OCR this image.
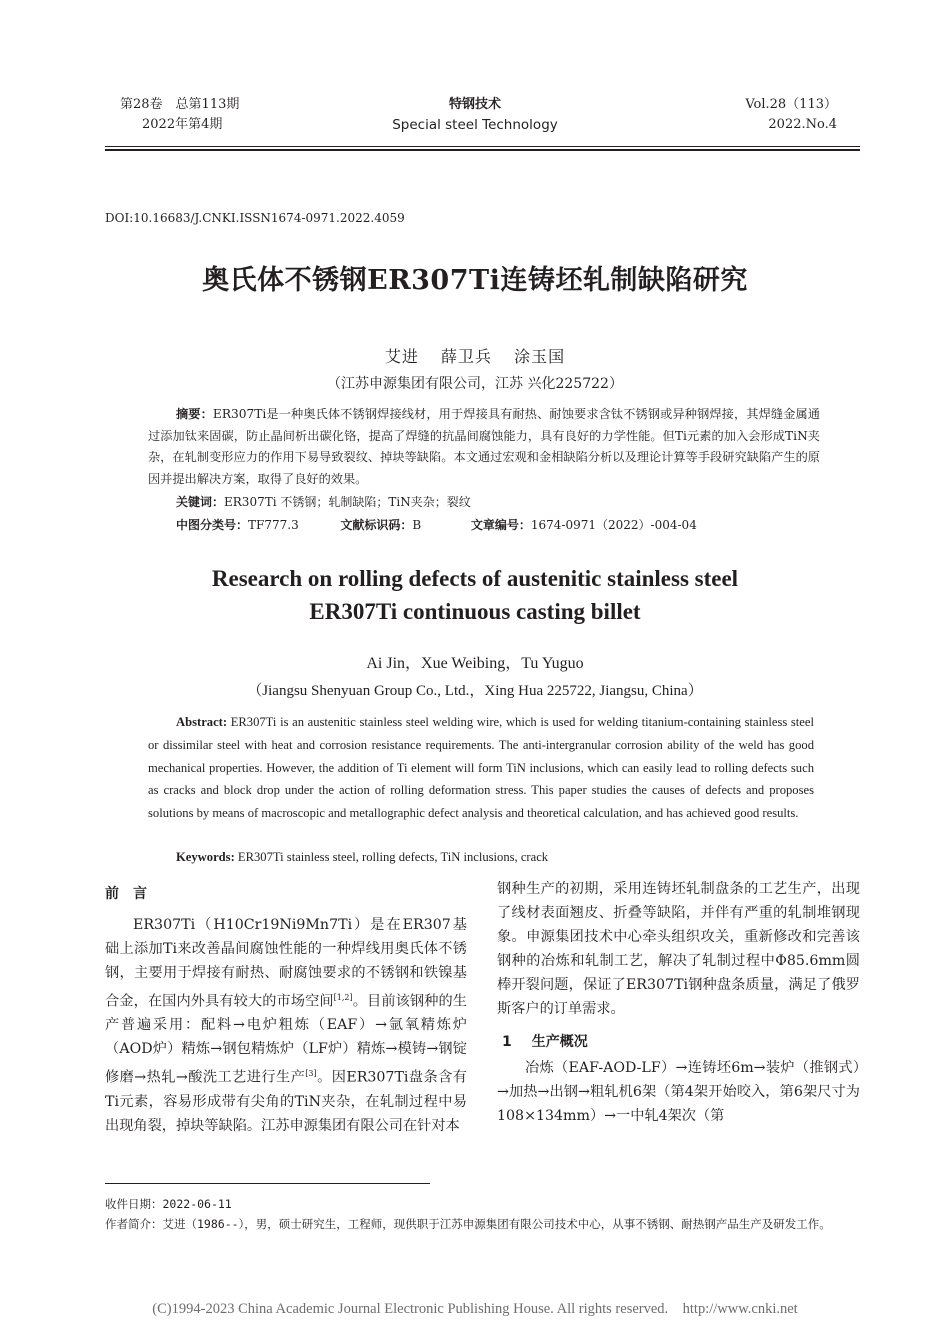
第28卷　总第113期
2022年第4期
特钢技术
Special steel Technology
Vol.28（113）
2022.No.4
DOI:10.16683/J.CNKI.ISSN1674-0971.2022.4059
奥氏体不锈钢ER307Ti连铸坯轧制缺陷研究
艾进 薛卫兵 涂玉国
（江苏申源集团有限公司，江苏 兴化225722）
摘要：ER307Ti是一种奥氏体不锈钢焊接线材，用于焊接具有耐热、耐蚀要求含钛不锈钢或异种钢焊接，其焊缝金属通过添加钛来固碳，防止晶间析出碳化铬，提高了焊缝的抗晶间腐蚀能力，具有良好的力学性能。但Ti元素的加入会形成TiN夹杂，在轧制变形应力的作用下易导致裂纹、掉块等缺陷。本文通过宏观和金相缺陷分析以及理论计算等手段研究缺陷产生的原因并提出解决方案，取得了良好的效果。
关键词：ER307Ti 不锈钢；轧制缺陷；TiN夹杂；裂纹
中图分类号：TF777.3	文献标识码：B	文章编号：1674-0971（2022）-004-04
Research on rolling defects of austenitic stainless steel
ER307Ti continuous casting billet
Ai Jin，Xue Weibing，Tu Yuguo
（Jiangsu Shenyuan Group Co., Ltd.，Xing Hua 225722, Jiangsu, China）
Abstract: ER307Ti is an austenitic stainless steel welding wire, which is used for welding titanium-containing stainless steel or dissimilar steel with heat and corrosion resistance requirements. The anti-intergranular corrosion ability of the weld has good mechanical properties. However, the addition of Ti element will form TiN inclusions, which can easily lead to rolling defects such as cracks and block drop under the action of rolling deformation stress. This paper studies the causes of defects and proposes solutions by means of macroscopic and metallographic defect analysis and theoretical calculation, and has achieved good results.
Keywords: ER307Ti stainless steel, rolling defects, TiN inclusions, crack
前　言
ER307Ti（H10Cr19Ni9Mn7Ti）是在ER307基础上添加Ti来改善晶间腐蚀性能的一种焊线用奥氏体不锈钢，主要用于焊接有耐热、耐腐蚀要求的不锈钢和铁镍基合金，在国内外具有较大的市场空间[1,2]。目前该钢种的生产普遍采用：配料→电炉粗炼（EAF）→氩氧精炼炉（AOD炉）精炼→钢包精炼炉（LF炉）精炼→模铸→钢锭修磨→热轧→酸洗工艺进行生产[3]。因ER307Ti盘条含有Ti元素，容易形成带有尖角的TiN夹杂，在轧制过程中易出现角裂，掉块等缺陷。江苏申源集团有限公司在针对本
钢种生产的初期，采用连铸坯轧制盘条的工艺生产，出现了线材表面翘皮、折叠等缺陷，并伴有严重的轧制堆钢现象。申源集团技术中心牵头组织攻关，重新修改和完善该钢种的冶炼和轧制工艺，解决了轧制过程中Φ85.6mm圆棒开裂问题，保证了ER307Ti钢种盘条质量，满足了俄罗斯客户的订单需求。
1 生产概况
冶炼（EAF-AOD-LF）→连铸坯6m→装炉（推钢式）→加热→出钢→粗轧机6架（第4架开始咬入，第6架尺寸为108×134mm）→一中轧4架次（第
收件日期：2022-06-11
作者简介：艾进（1986--），男，硕士研究生，工程师，现供职于江苏申源集团有限公司技术中心，从事不锈钢、耐热钢产品生产及研发工作。
(C)1994-2023 China Academic Journal Electronic Publishing House. All rights reserved.　http://www.cnki.net
